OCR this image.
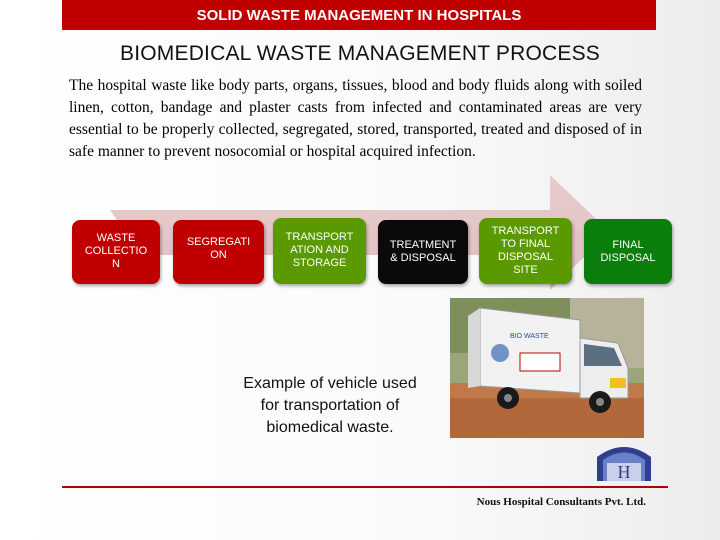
SOLID WASTE MANAGEMENT IN HOSPITALS
BIOMEDICAL WASTE MANAGEMENT PROCESS
The hospital waste like body parts, organs, tissues, blood and body fluids along with soiled linen, cotton, bandage and plaster casts from infected and contaminated areas are very essential to be properly collected, segregated, stored, transported, treated and disposed of in safe manner to prevent nosocomial or hospital acquired infection.
WASTE
COLLECTIO
N
SEGREGATI
ON
TRANSPORT
ATION AND
STORAGE
TREATMENT
& DISPOSAL
TRANSPORT
TO FINAL
DISPOSAL
SITE
FINAL
DISPOSAL
BIO WASTE
Example of vehicle used
for transportation of
biomedical waste.
H
Nous Hospital Consultants Pvt. Ltd.
